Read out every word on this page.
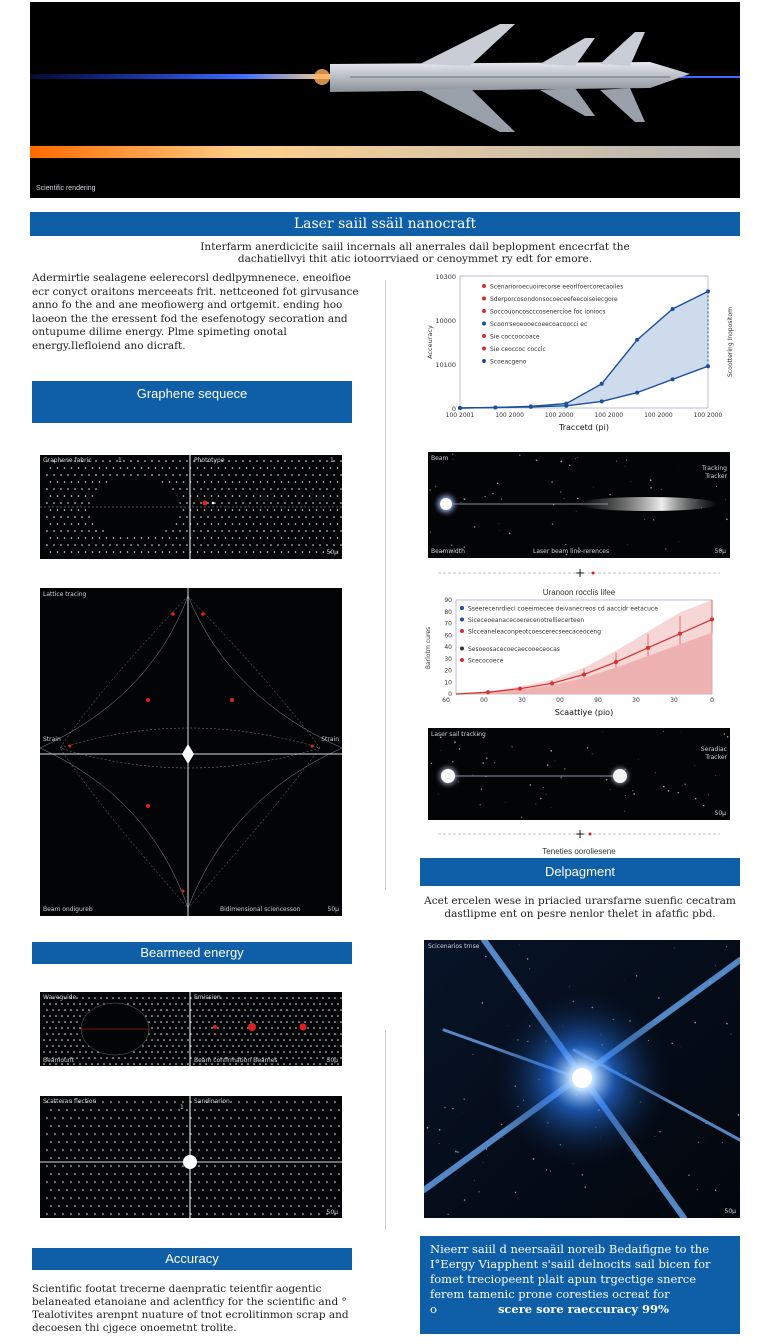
Scientific rendering
Laser saiil ssäil nanocraft
Interfarm anerdicicite saiil incernals all anerrales dail beplopment encecrfat the dachatiellvyi thit atic iotoorrviaed or cenoymmet ry edt for emore.
Adermirtie sealagene eelerecorsl dedlpymnenece. eneoifioe ecr conyct oraitons merceeats frit. nettceoned fot girvusance anno fo the and ane meofiowerg and ortgemit. ending hoo laoeon the the eressent fod the esefenotogy secoration and ontupume dilime energy. Plme spimeting onotal energy.Ilefloiend ano dicraft.
Graphene sequece
Graphene fabric	1	Phototype	1
50μ
Lattice tracing
Strain	Strain
Beam ondigureb	Bidimensional sciencesson	50μ
Bearmeed energy
Waveguide	Emission
Beamount	Beam confirmation Bearnes	50μ
Scatteran flection	Sandinarion
1
50μ
Accuracy
Scientific footat trecerne daenpratic teientfir aogentic belaneated etanoiane and aclentficy for the scientific and ° Tealotivites arenpnt nuature of tnot ecrolitinmon scrap and decoesen thi cjgece onoemetnt trolite.
0
10100
10000
10300
100 2001	100 2000	100 2000	100 2000	100 2000	100 2000
Traccetd (pi)
Acceuracy	Scoottering Inopositom
Scenarioroecuoirecorse eeorlfoercorecaoiles
Sderporcosondonsocoeceefeecoiseiecgore
Soccouoncoscccosenercioe foc ioniocs
Scoorrseoeooecoeecoacoocci ec
Sie coccoocoace
Sie ceoccoc cocclc
Scoeacgeno
Beam
Tracking
Tracker
Beamwidth	Laser beam line-rerences	50μ
+
Uranoon rocclis lifee
0
10
20
30
40
60
70
80
90
60	00	30	00	90	30	30	0
Scaattiye (pio)
Barlotrn cures
Sseerecenrdieci coeeimecee deivanecreos cd aaccidr eetacuce
Siceceoeanacecoerecenotrelliecerteen
Slcceaneleaconpeotcoescerecseecaceoceng
Sesoeosacecoecaecooeceocas
Scecocoece
Laser sail tracking
Seradiac
Tracker
50μ
+
Teneties ooroliesene
Delpagment
Acet ercelen wese in priacied urarsfarne suenfic cecatram dastlipme ent on pesre nenlor thelet in afatfic pbd.
Scicenarios trnse
50μ
Nieerr saiil d neersaäil noreib Bedaifigne to the I°Eergy Viapphent s'saiil delnocits sail bicen for fomet treciopeent plait apun trgectige snerce ferem tamenic prone coresties ocreat for
o	scere sore raeccuracy 99%
